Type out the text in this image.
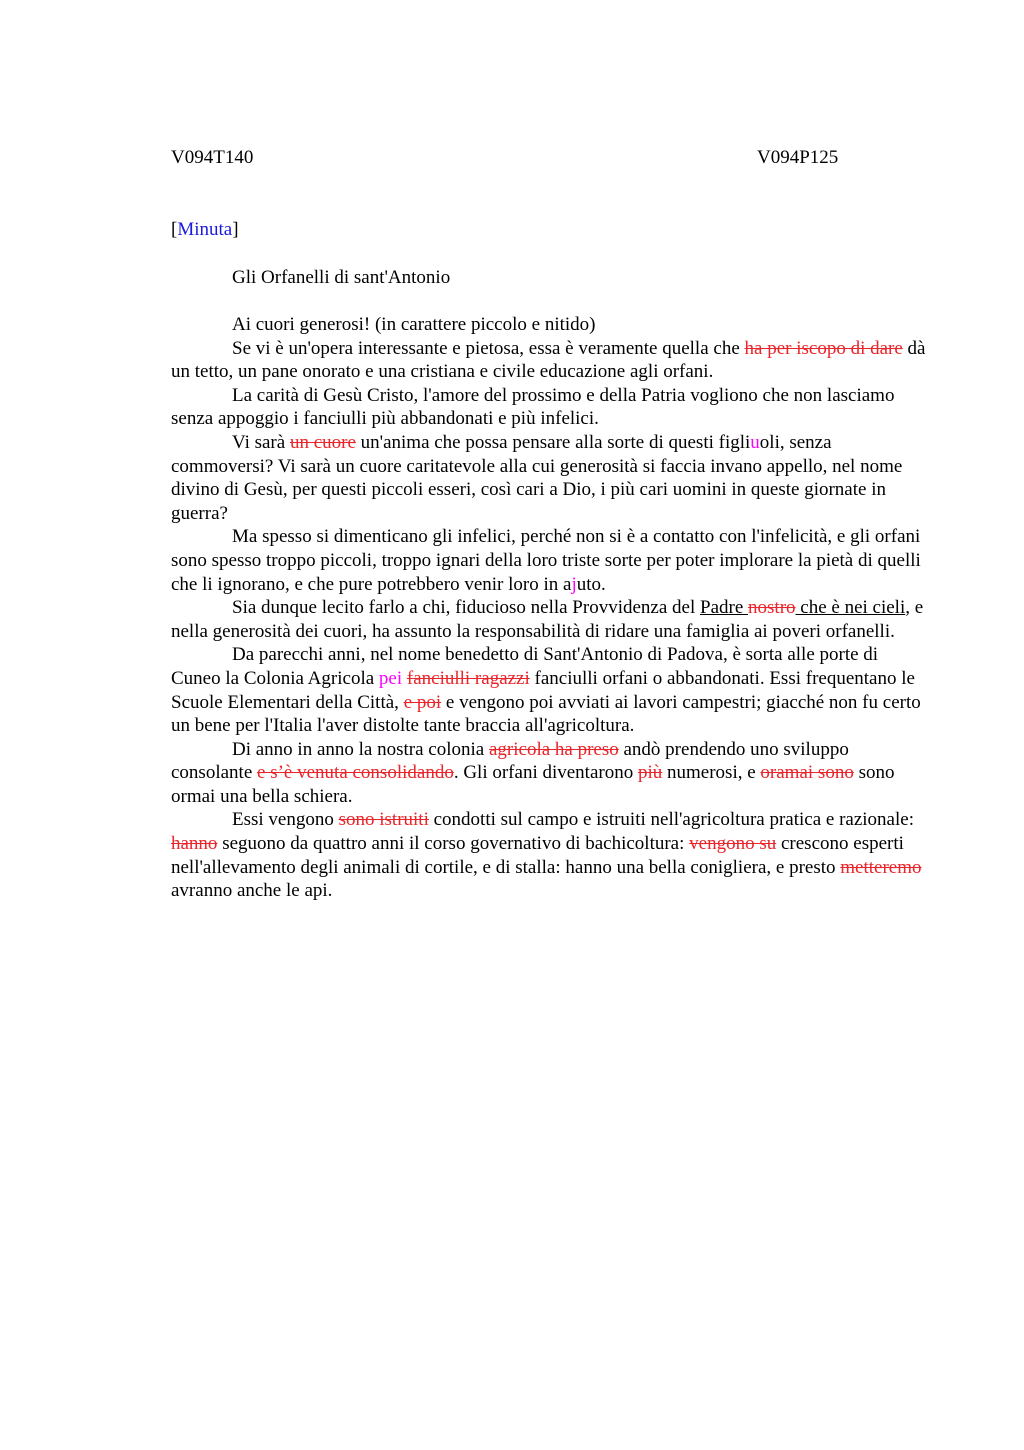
V094T140	V094P125
[Minuta]
Gli Orfanelli di sant'Antonio

Ai cuori generosi! (in carattere piccolo e nitido)

Se vi è un'opera interessante e pietosa, essa è veramente quella che ha per iscopo di dare dà un tetto, un pane onorato e una cristiana e civile educazione agli orfani.

La carità di Gesù Cristo, l'amore del prossimo e della Patria vogliono che non lasciamo senza appoggio i fanciulli più abbandonati e più infelici.

Vi sarà un cuore un'anima che possa pensare alla sorte di questi figliuoli, senza commoversi? Vi sarà un cuore caritatevole alla cui generosità si faccia invano appello, nel nome divino di Gesù, per questi piccoli esseri, così cari a Dio, i più cari uomini in queste giornate in guerra?

Ma spesso si dimenticano gli infelici, perché non si è a contatto con l'infelicità, e gli orfani sono spesso troppo piccoli, troppo ignari della loro triste sorte per poter implorare la pietà di quelli che li ignorano, e che pure potrebbero venir loro in ajuto.

Sia dunque lecito farlo a chi, fiducioso nella Provvidenza del Padre nostro che è nei cieli, e nella generosità dei cuori, ha assunto la responsabilità di ridare una famiglia ai poveri orfanelli.

Da parecchi anni, nel nome benedetto di Sant'Antonio di Padova, è sorta alle porte di Cuneo la Colonia Agricola pei fanciulli ragazzi fanciulli orfani o abbandonati. Essi frequentano le Scuole Elementari della Città, e poi e vengono poi avviati ai lavori campestri; giacché non fu certo un bene per l'Italia l'aver distolte tante braccia all'agricoltura.

Di anno in anno la nostra colonia agricola ha preso andò prendendo uno sviluppo consolante e s’è venuta consolidando. Gli orfani diventarono più numerosi, e oramai sono sono ormai una bella schiera.

Essi vengono sono istruiti condotti sul campo e istruiti nell'agricoltura pratica e razionale: hanno seguono da quattro anni il corso governativo di bachicoltura: vengono su crescono esperti nell'allevamento degli animali di cortile, e di stalla: hanno una bella conigliera, e presto metteremo avranno anche le api.
